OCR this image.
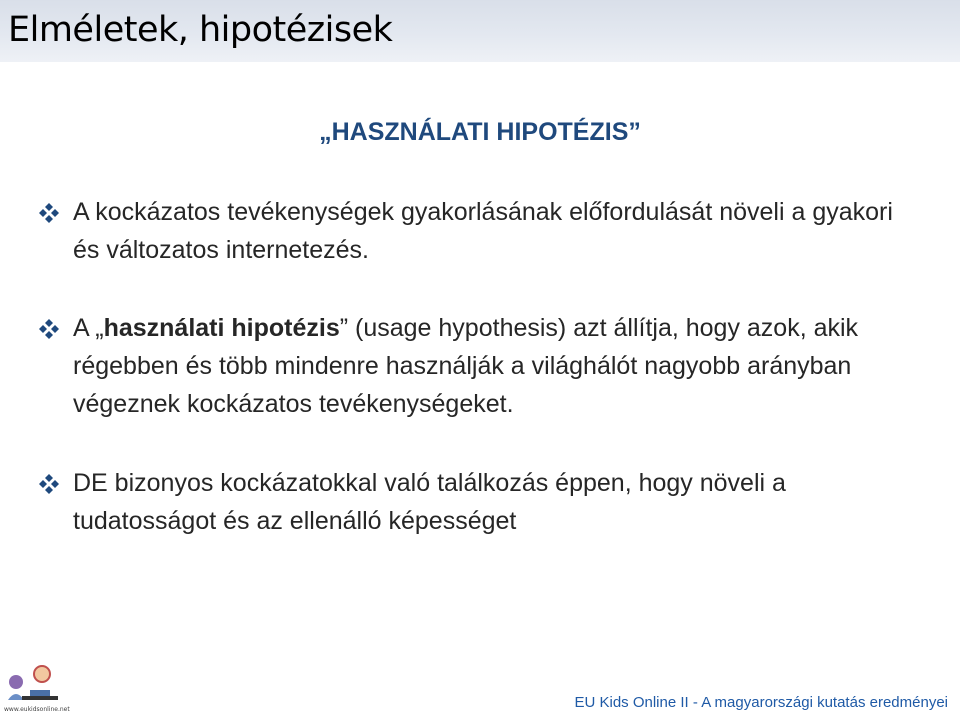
Elméletek, hipotézisek
„HASZNÁLATI HIPOTÉZIS”
A kockázatos tevékenységek gyakorlásának előfordulását növeli a gyakori és változatos internetezés.
A „használati hipotézis” (usage hypothesis) azt állítja, hogy azok, akik régebben és több mindenre használják a világhálót nagyobb arányban végeznek kockázatos tevékenységeket.
DE bizonyos kockázatokkal való találkozás éppen, hogy növeli a tudatosságot és az ellenálló képességet
www.eukidsonline.net	EU Kids Online II - A magyarországi kutatás eredményei
